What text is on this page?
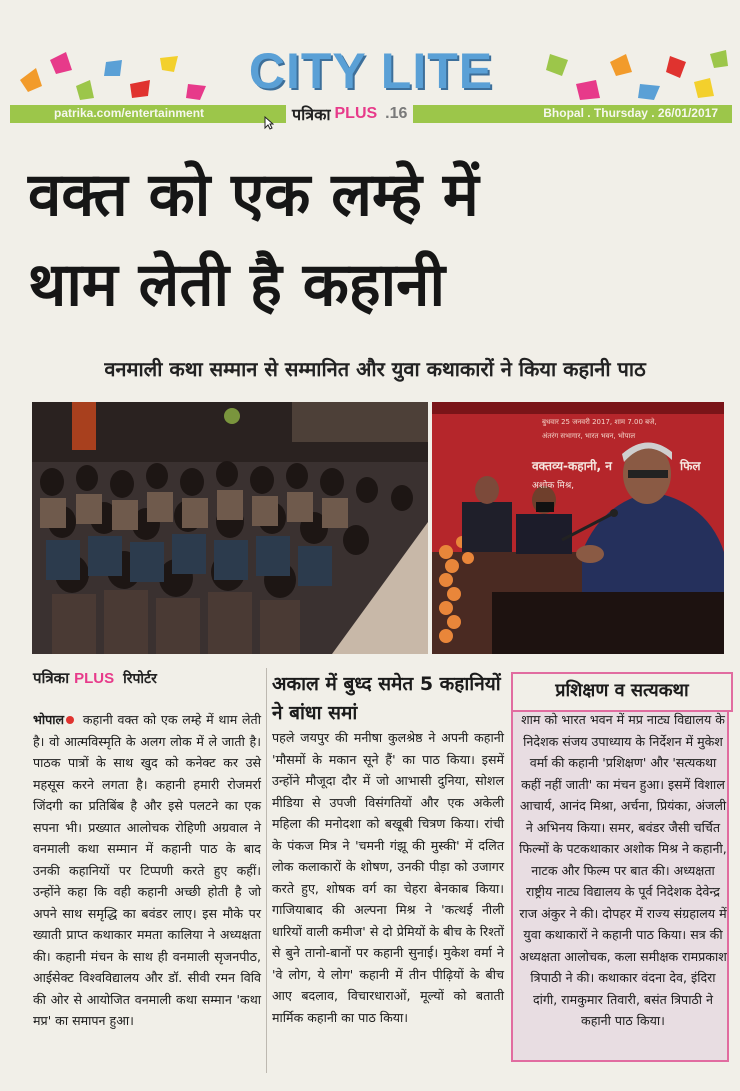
CITY LITE
patrika.com/entertainment	पत्रिका PLUS .16	Bhopal . Thursday . 26/01/2017
वक्त को एक लम्हे में
थाम लेती है कहानी
वनमाली कथा सम्मान से सम्मानित और युवा कथाकारों ने किया कहानी पाठ
बुधवार 25 जनवरी 2017, शाम 7.00 बजे,
अंतरंग सभागार, भारत भवन, भोपाल
वक्तव्य-कहानी, न	फिल
अशोक मिश्र,
पत्रिका PLUS रिपोर्टर
भोपाल कहानी वक्त को एक लम्हे में थाम लेती है। वो आत्मविस्मृति के अलग लोक में ले जाती है। पाठक पात्रों के साथ खुद को कनेक्ट कर उसे महसूस करने लगता है। कहानी हमारी रोजमर्रा जिंदगी का प्रतिबिंब है और इसे पलटने का एक सपना भी। प्रख्यात आलोचक रोहिणी अग्रवाल ने वनमाली कथा सम्मान में कहानी पाठ के बाद उनकी कहानियों पर टिप्पणी करते हुए कहीं। उन्होंने कहा कि वही कहानी अच्छी होती है जो अपने साथ समृद्धि का बवंडर लाए। इस मौके पर ख्याती प्राप्त कथाकार ममता कालिया ने अध्यक्षता की। कहानी मंचन के साथ ही वनमाली सृजनपीठ, आईसेक्ट विश्वविद्यालय और डॉ. सीवी रमन विवि की ओर से आयोजित वनमाली कथा सम्मान 'कथा मप्र' का समापन हुआ।
अकाल में बुध्द समेत 5 कहानियों ने बांधा समां
पहले जयपुर की मनीषा कुलश्रेष्ठ ने अपनी कहानी 'मौसमों के मकान सूने हैं' का पाठ किया। इसमें उन्होंने मौजूदा दौर में जो आभासी दुनिया, सोशल मीडिया से उपजी विसंगतियों और एक अकेली महिला की मनोदशा को बखूबी चित्रण किया। रांची के पंकज मित्र ने 'चमनी गंझू की मुस्की' में दलित लोक कलाकारों के शोषण, उनकी पीड़ा को उजागर करते हुए, शोषक वर्ग का चेहरा बेनकाब किया। गाजियाबाद की अल्पना मिश्र ने 'कत्थई नीली धारियों वाली कमीज' से दो प्रेमियों के बीच के रिश्तों से बुने तानो-बानों पर कहानी सुनाई। मुकेश वर्मा ने 'वे लोग, ये लोग' कहानी में तीन पीढ़ियों के बीच आए बदलाव, विचारधाराओं, मूल्यों को बताती मार्मिक कहानी का पाठ किया।
प्रशिक्षण व सत्यकथा
शाम को भारत भवन में मप्र नाट्य विद्यालय के निदेशक संजय उपाध्याय के निर्देशन में मुकेश वर्मा की कहानी 'प्रशिक्षण' और 'सत्यकथा कहीं नहीं जाती' का मंचन हुआ। इसमें विशाल आचार्य, आनंद मिश्रा, अर्चना, प्रियंका, अंजली ने अभिनय किया। समर, बवंडर जैसी चर्चित फिल्मों के पटकथाकार अशोक मिश्र ने कहानी, नाटक और फिल्म पर बात की। अध्यक्षता राष्ट्रीय नाट्य विद्यालय के पूर्व निदेशक देवेन्द्र राज अंकुर ने की। दोपहर में राज्य संग्रहालय में युवा कथाकारों ने कहानी पाठ किया। सत्र की अध्यक्षता आलोचक, कला समीक्षक रामप्रकाश त्रिपाठी ने की। कथाकार वंदना देव, इंदिरा दांगी, रामकुमार तिवारी, बसंत त्रिपाठी ने कहानी पाठ किया।
